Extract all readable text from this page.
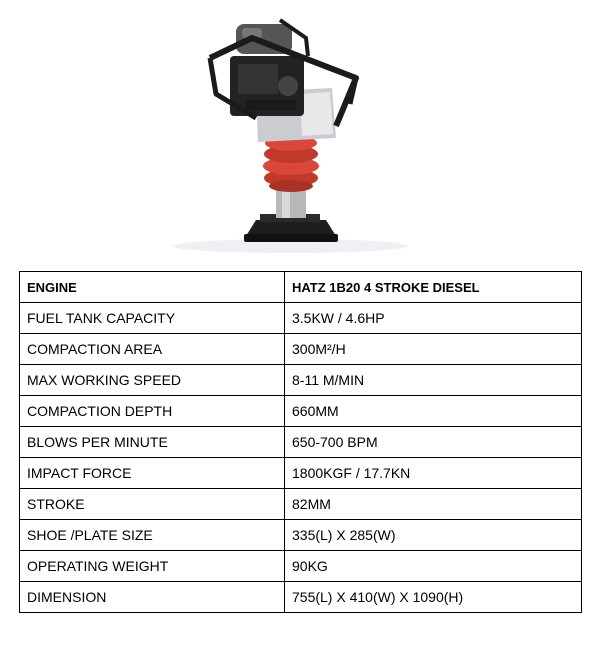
ENGINE	HATZ 1B20 4 STROKE DIESEL
FUEL TANK CAPACITY	3.5KW / 4.6HP
COMPACTION AREA	300M²/H
MAX WORKING SPEED	8-11 M/MIN
COMPACTION DEPTH	660MM
BLOWS PER MINUTE	650-700 BPM
IMPACT FORCE	1800KGF / 17.7KN
STROKE	82MM
SHOE /PLATE SIZE	335(L) X 285(W)
OPERATING WEIGHT	90KG
DIMENSION	755(L) X 410(W) X 1090(H)
